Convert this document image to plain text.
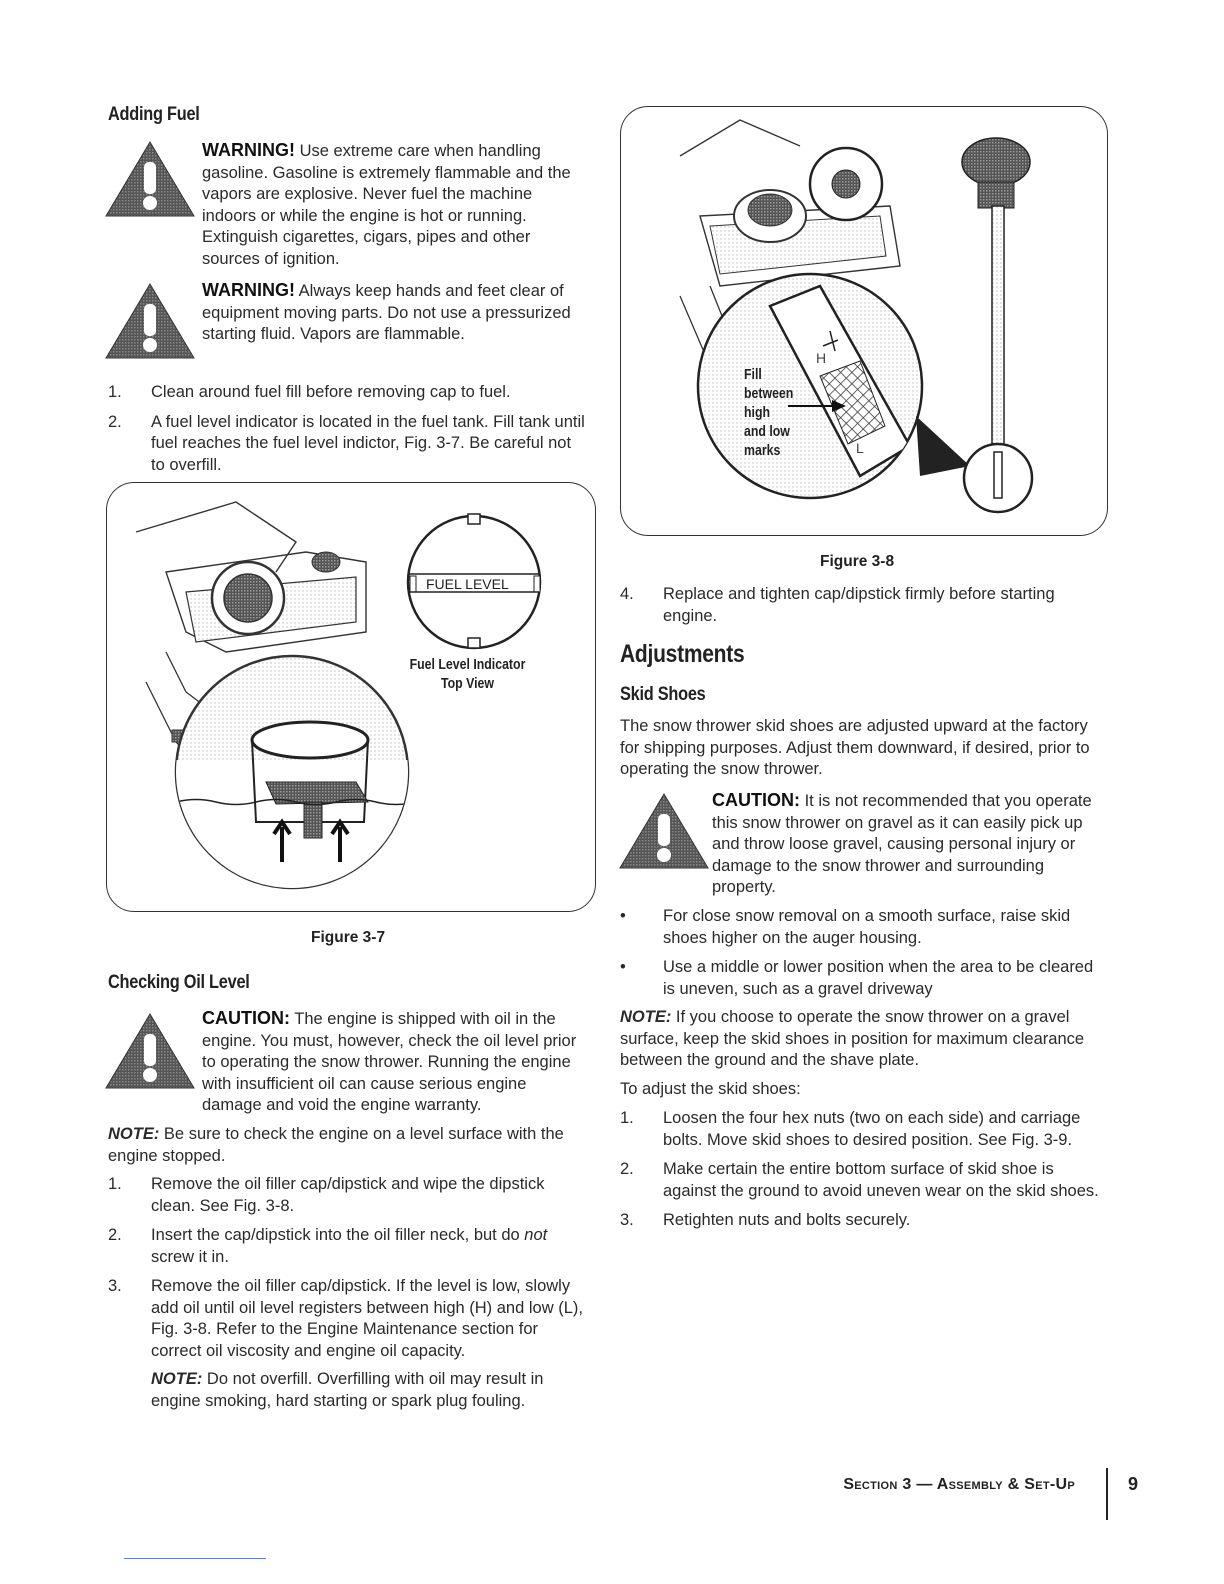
Adding Fuel
WARNING! Use extreme care when handling gasoline. Gasoline is extremely flammable and the vapors are explosive. Never fuel the machine indoors or while the engine is hot or running. Extinguish cigarettes, cigars, pipes and other sources of ignition.
WARNING! Always keep hands and feet clear of equipment moving parts. Do not use a pressurized starting fluid. Vapors are flammable.
1. Clean around fuel fill before removing cap to fuel.
2. A fuel level indicator is located in the fuel tank. Fill tank until fuel reaches the fuel level indictor, Fig. 3-7. Be careful not to overfill.
FUEL LEVEL
Fuel Level Indicator
Top View
Figure 3-7
Checking Oil Level
CAUTION: The engine is shipped with oil in the engine. You must, however, check the oil level prior to operating the snow thrower. Running the engine with insufficient oil can cause serious engine damage and void the engine warranty.
NOTE: Be sure to check the engine on a level surface with the engine stopped.
1. Remove the oil filler cap/dipstick and wipe the dipstick clean. See Fig. 3-8.
2. Insert the cap/dipstick into the oil filler neck, but do not screw it in.
3. Remove the oil filler cap/dipstick. If the level is low, slowly add oil until oil level registers between high (H) and low (L), Fig. 3-8. Refer to the Engine Maintenance section for correct oil viscosity and engine oil capacity.
NOTE: Do not overfill. Overfilling with oil may result in engine smoking, hard starting or spark plug fouling.
Fill
between
high
and low
marks
H
L
Figure 3-8
4. Replace and tighten cap/dipstick firmly before starting engine.
Adjustments
Skid Shoes
The snow thrower skid shoes are adjusted upward at the factory for shipping purposes. Adjust them downward, if desired, prior to operating the snow thrower.
CAUTION: It is not recommended that you operate this snow thrower on gravel as it can easily pick up and throw loose gravel, causing personal injury or damage to the snow thrower and surrounding property.
• For close snow removal on a smooth surface, raise skid shoes higher on the auger housing.
• Use a middle or lower position when the area to be cleared is uneven, such as a gravel driveway
NOTE: If you choose to operate the snow thrower on a gravel surface, keep the skid shoes in position for maximum clearance between the ground and the shave plate.
To adjust the skid shoes:
1. Loosen the four hex nuts (two on each side) and carriage bolts. Move skid shoes to desired position. See Fig. 3-9.
2. Make certain the entire bottom surface of skid shoe is against the ground to avoid uneven wear on the skid shoes.
3. Retighten nuts and bolts securely.
Section 3 — Assembly & Set-Up	9
